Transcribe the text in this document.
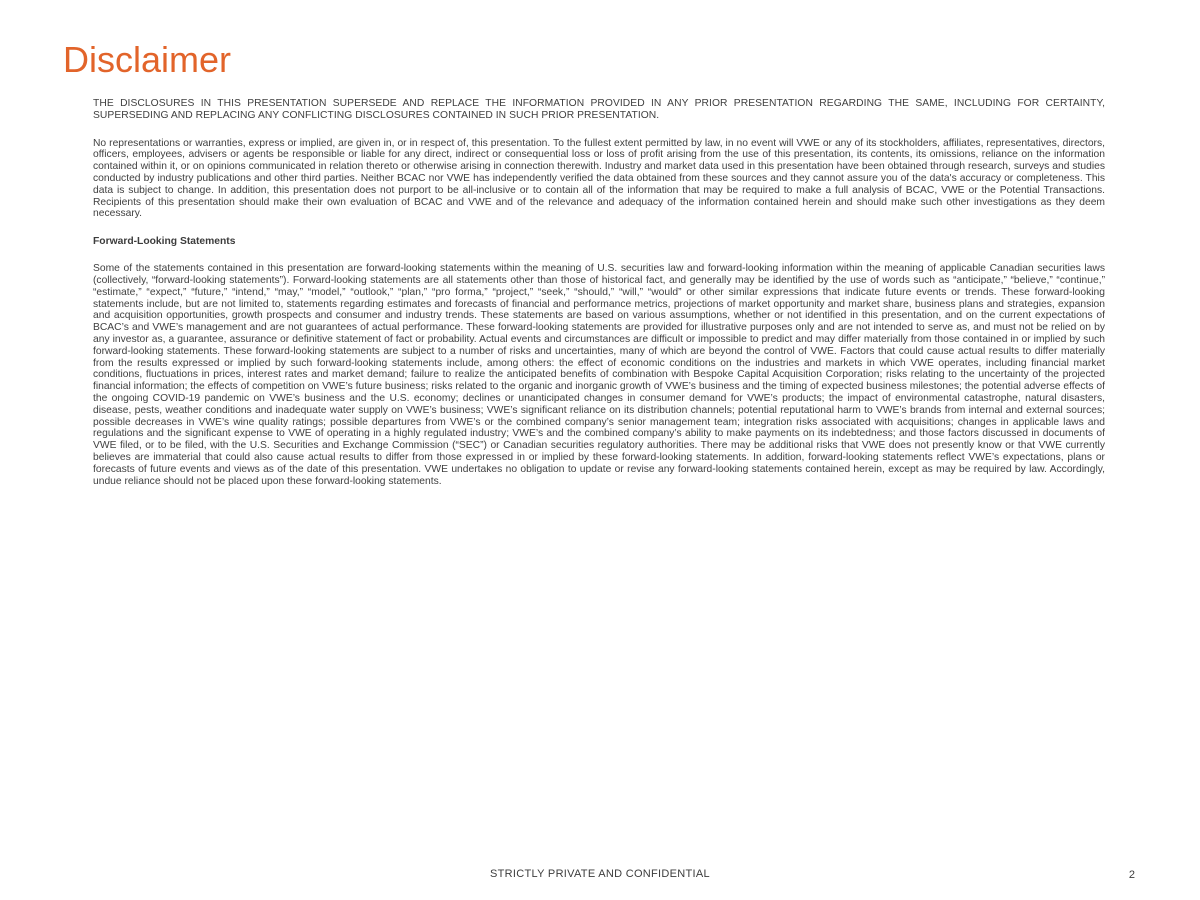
Disclaimer

THE DISCLOSURES IN THIS PRESENTATION SUPERSEDE AND REPLACE THE INFORMATION PROVIDED IN ANY PRIOR PRESENTATION REGARDING THE SAME, INCLUDING FOR CERTAINTY, SUPERSEDING AND REPLACING ANY CONFLICTING DISCLOSURES CONTAINED IN SUCH PRIOR PRESENTATION.

No representations or warranties, express or implied, are given in, or in respect of, this presentation. To the fullest extent permitted by law, in no event will VWE or any of its stockholders, affiliates, representatives, directors, officers, employees, advisers or agents be responsible or liable for any direct, indirect or consequential loss or loss of profit arising from the use of this presentation, its contents, its omissions, reliance on the information contained within it, or on opinions communicated in relation thereto or otherwise arising in connection therewith. Industry and market data used in this presentation have been obtained through research, surveys and studies conducted by industry publications and other third parties. Neither BCAC nor VWE has independently verified the data obtained from these sources and they cannot assure you of the data's accuracy or completeness. This data is subject to change. In addition, this presentation does not purport to be all-inclusive or to contain all of the information that may be required to make a full analysis of BCAC, VWE or the Potential Transactions. Recipients of this presentation should make their own evaluation of BCAC and VWE and of the relevance and adequacy of the information contained herein and should make such other investigations as they deem necessary.

Forward-Looking Statements

Some of the statements contained in this presentation are forward-looking statements within the meaning of U.S. securities law and forward-looking information within the meaning of applicable Canadian securities laws (collectively, “forward-looking statements”). Forward-looking statements are all statements other than those of historical fact, and generally may be identified by the use of words such as “anticipate,” “believe,” “continue,” “estimate,” “expect,” “future,” “intend,” “may,” “model,” “outlook,” “plan,” “pro forma,” “project,” “seek,” “should,” “will,” “would” or other similar expressions that indicate future events or trends. These forward-looking statements include, but are not limited to, statements regarding estimates and forecasts of financial and performance metrics, projections of market opportunity and market share, business plans and strategies, expansion and acquisition opportunities, growth prospects and consumer and industry trends. These statements are based on various assumptions, whether or not identified in this presentation, and on the current expectations of BCAC’s and VWE’s management and are not guarantees of actual performance. These forward-looking statements are provided for illustrative purposes only and are not intended to serve as, and must not be relied on by any investor as, a guarantee, assurance or definitive statement of fact or probability. Actual events and circumstances are difficult or impossible to predict and may differ materially from those contained in or implied by such forward-looking statements. These forward-looking statements are subject to a number of risks and uncertainties, many of which are beyond the control of VWE. Factors that could cause actual results to differ materially from the results expressed or implied by such forward-looking statements include, among others: the effect of economic conditions on the industries and markets in which VWE operates, including financial market conditions, fluctuations in prices, interest rates and market demand; failure to realize the anticipated benefits of combination with Bespoke Capital Acquisition Corporation; risks relating to the uncertainty of the projected financial information; the effects of competition on VWE’s future business; risks related to the organic and inorganic growth of VWE’s business and the timing of expected business milestones; the potential adverse effects of the ongoing COVID-19 pandemic on VWE’s business and the U.S. economy; declines or unanticipated changes in consumer demand for VWE’s products; the impact of environmental catastrophe, natural disasters, disease, pests, weather conditions and inadequate water supply on VWE’s business; VWE’s significant reliance on its distribution channels; potential reputational harm to VWE’s brands from internal and external sources; possible decreases in VWE’s wine quality ratings; possible departures from VWE’s or the combined company’s senior management team; integration risks associated with acquisitions; changes in applicable laws and regulations and the significant expense to VWE of operating in a highly regulated industry; VWE’s and the combined company’s ability to make payments on its indebtedness; and those factors discussed in documents of VWE filed, or to be filed, with the U.S. Securities and Exchange Commission (“SEC”) or Canadian securities regulatory authorities. There may be additional risks that VWE does not presently know or that VWE currently believes are immaterial that could also cause actual results to differ from those expressed in or implied by these forward-looking statements. In addition, forward-looking statements reflect VWE’s expectations, plans or forecasts of future events and views as of the date of this presentation. VWE undertakes no obligation to update or revise any forward-looking statements contained herein, except as may be required by law. Accordingly, undue reliance should not be placed upon these forward-looking statements.

STRICTLY PRIVATE AND CONFIDENTIAL	2
